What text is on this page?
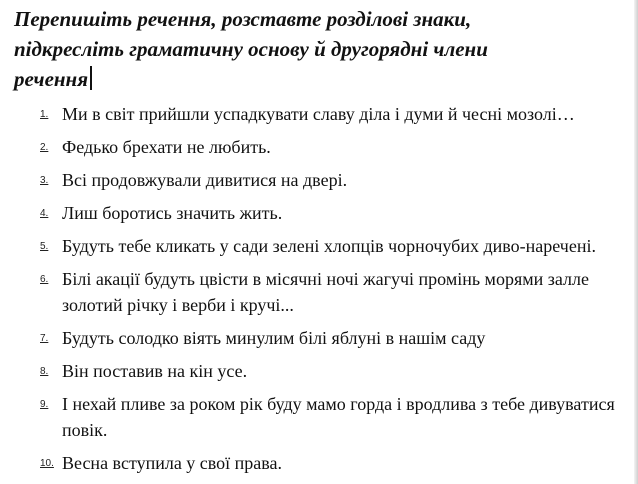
Перепишіть речення, розставте розділові знаки,
підкресліть граматичну основу й другорядні члени
речення
1. Ми в світ прийшли успадкувати славу діла і думи й чесні мозолі…
2. Федько брехати не любить.
3. Всі продовжували дивитися на двері.
4. Лиш боротись значить жить.
5. Будуть тебе кликать у сади зелені хлопців чорночубих диво-наречені.
6. Білі акації будуть цвісти в місячні ночі жагучі промінь морями залле золотий річку і верби і кручі...
7. Будуть солодко віять минулим білі яблуні в нашім саду
8. Він поставив на кін усе.
9. І нехай пливе за роком рік буду мамо горда і вродлива з тебе дивуватися повік.
10. Весна вступила у свої права.
